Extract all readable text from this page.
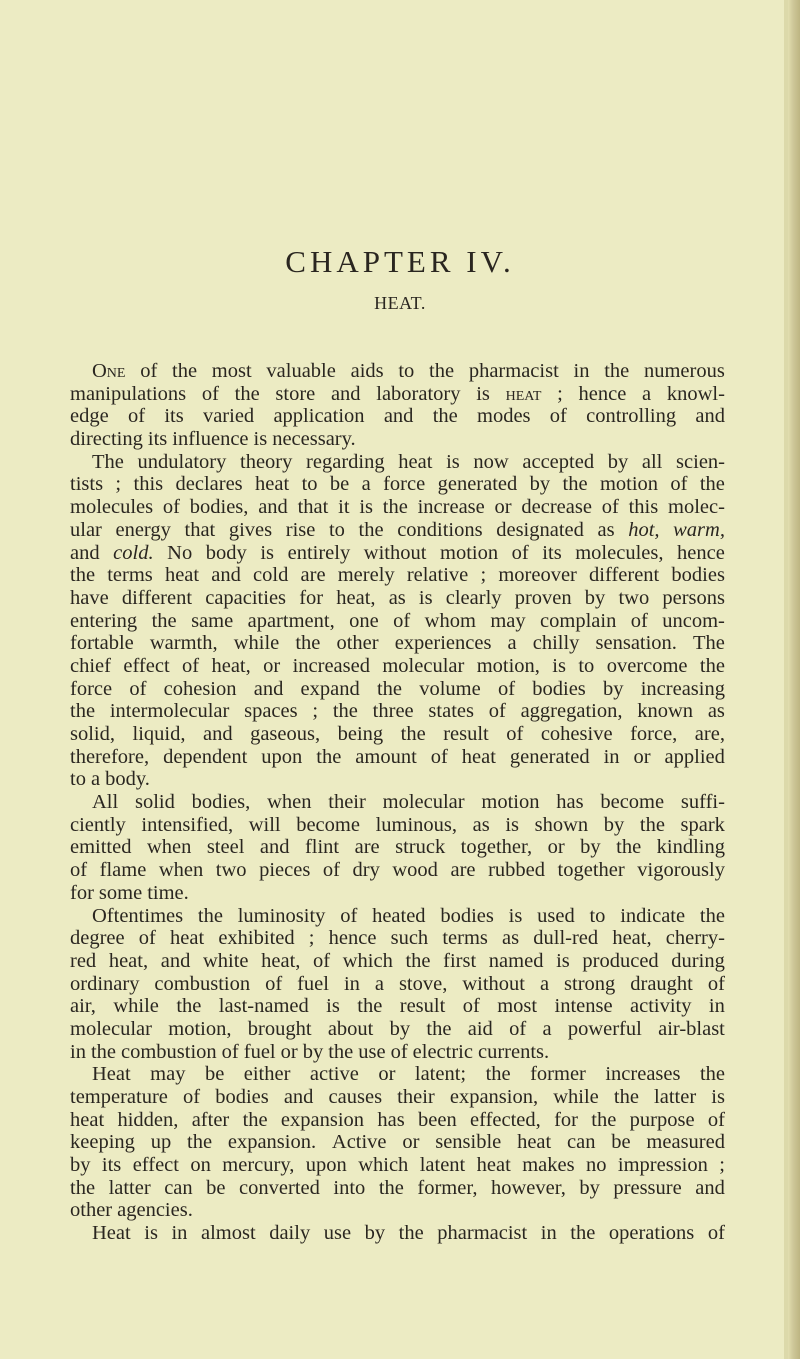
CHAPTER IV.
HEAT.
One of the most valuable aids to the pharmacist in the numerous
manipulations of the store and laboratory is heat ; hence a knowl-
edge of its varied application and the modes of controlling and
directing its influence is necessary.
The undulatory theory regarding heat is now accepted by all scien-
tists ; this declares heat to be a force generated by the motion of the
molecules of bodies, and that it is the increase or decrease of this molec-
ular energy that gives rise to the conditions designated as hot, warm,
and cold. No body is entirely without motion of its molecules, hence
the terms heat and cold are merely relative ; moreover different bodies
have different capacities for heat, as is clearly proven by two persons
entering the same apartment, one of whom may complain of uncom-
fortable warmth, while the other experiences a chilly sensation. The
chief effect of heat, or increased molecular motion, is to overcome the
force of cohesion and expand the volume of bodies by increasing
the intermolecular spaces ; the three states of aggregation, known as
solid, liquid, and gaseous, being the result of cohesive force, are,
therefore, dependent upon the amount of heat generated in or applied
to a body.
All solid bodies, when their molecular motion has become suffi-
ciently intensified, will become luminous, as is shown by the spark
emitted when steel and flint are struck together, or by the kindling
of flame when two pieces of dry wood are rubbed together vigorously
for some time.
Oftentimes the luminosity of heated bodies is used to indicate the
degree of heat exhibited ; hence such terms as dull-red heat, cherry-
red heat, and white heat, of which the first named is produced during
ordinary combustion of fuel in a stove, without a strong draught of
air, while the last-named is the result of most intense activity in
molecular motion, brought about by the aid of a powerful air-blast
in the combustion of fuel or by the use of electric currents.
Heat may be either active or latent; the former increases the
temperature of bodies and causes their expansion, while the latter is
heat hidden, after the expansion has been effected, for the purpose of
keeping up the expansion. Active or sensible heat can be measured
by its effect on mercury, upon which latent heat makes no impression ;
the latter can be converted into the former, however, by pressure and
other agencies.
Heat is in almost daily use by the pharmacist in the operations of
